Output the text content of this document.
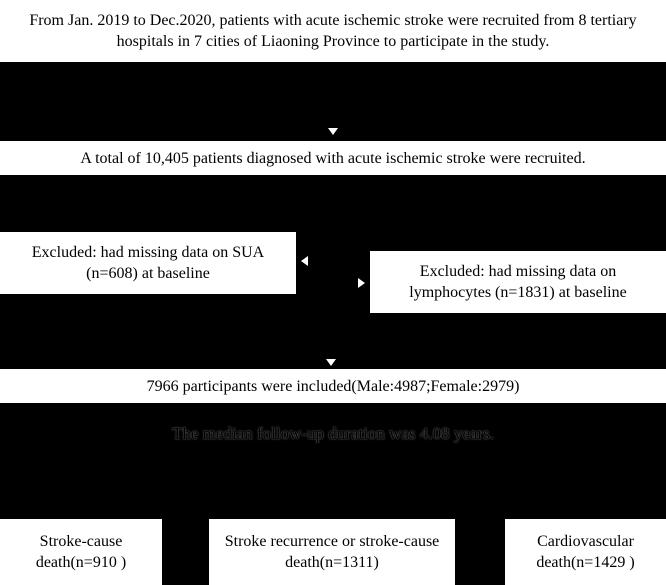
From Jan. 2019 to Dec.2020, patients with acute ischemic stroke were recruited from 8 tertiary hospitals in 7 cities of Liaoning Province to participate in the study.
A total of 10,405 patients diagnosed with acute ischemic stroke were recruited.
Excluded: had missing data on SUA (n=608) at baseline	Excluded: had missing data on lymphocytes (n=1831) at baseline
7966 participants were included(Male:4987;Female:2979)
The median follow-up duration was 4.08 years.
Stroke-cause death(n=910 )
Stroke recurrence or stroke-cause death(n=1311)
Cardiovascular death(n=1429 )
